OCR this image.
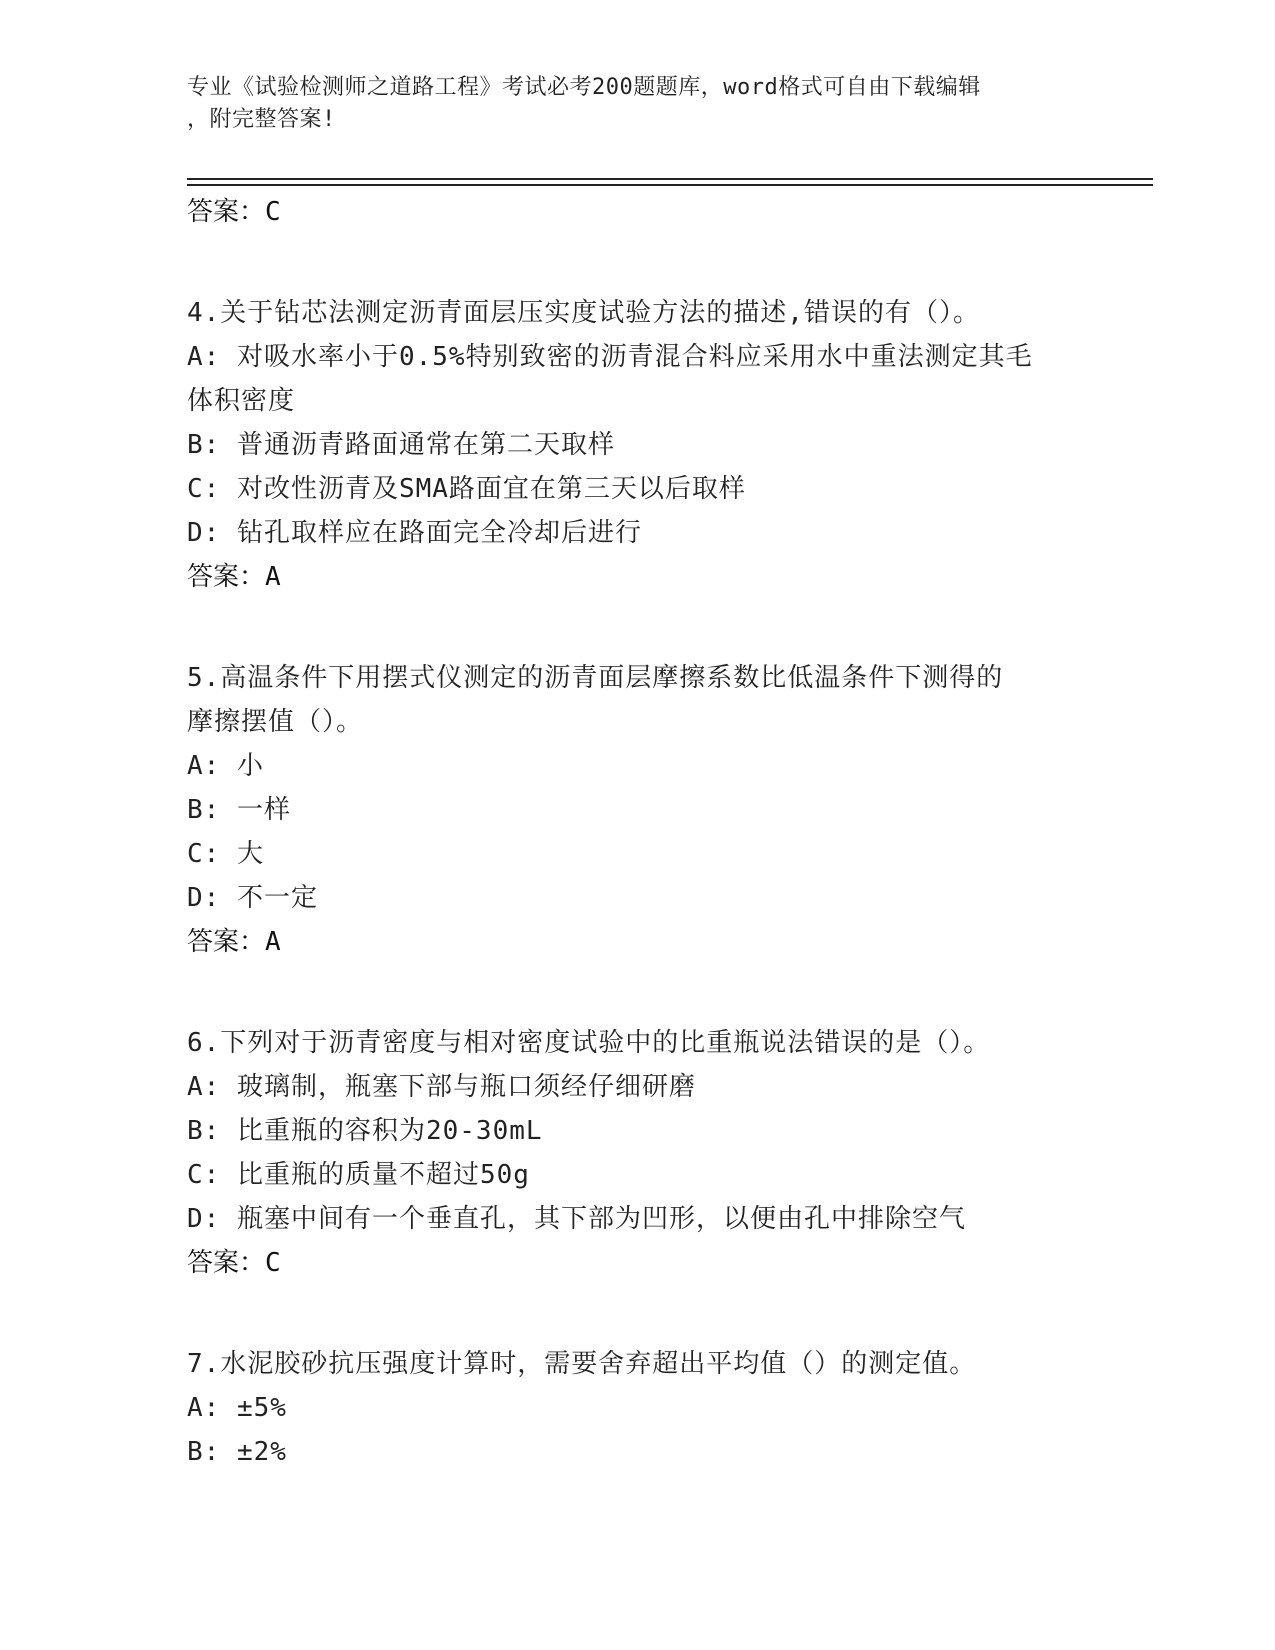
专业《试验检测师之道路工程》考试必考200题题库，word格式可自由下载编辑
，附完整答案!
答案：C
4.关于钻芯法测定沥青面层压实度试验方法的描述,错误的有（）。
A: 对吸水率小于0.5%特别致密的沥青混合料应采用水中重法测定其毛
体积密度
B: 普通沥青路面通常在第二天取样
C: 对改性沥青及SMA路面宜在第三天以后取样
D: 钻孔取样应在路面完全冷却后进行
答案：A
5.高温条件下用摆式仪测定的沥青面层摩擦系数比低温条件下测得的
摩擦摆值（）。
A: 小
B: 一样
C: 大
D: 不一定
答案：A
6.下列对于沥青密度与相对密度试验中的比重瓶说法错误的是（）。
A: 玻璃制，瓶塞下部与瓶口须经仔细研磨
B: 比重瓶的容积为20-30mL
C: 比重瓶的质量不超过50g
D: 瓶塞中间有一个垂直孔，其下部为凹形，以便由孔中排除空气
答案：C
7.水泥胶砂抗压强度计算时，需要舍弃超出平均值（）的测定值。
A: ±5%
B: ±2%
